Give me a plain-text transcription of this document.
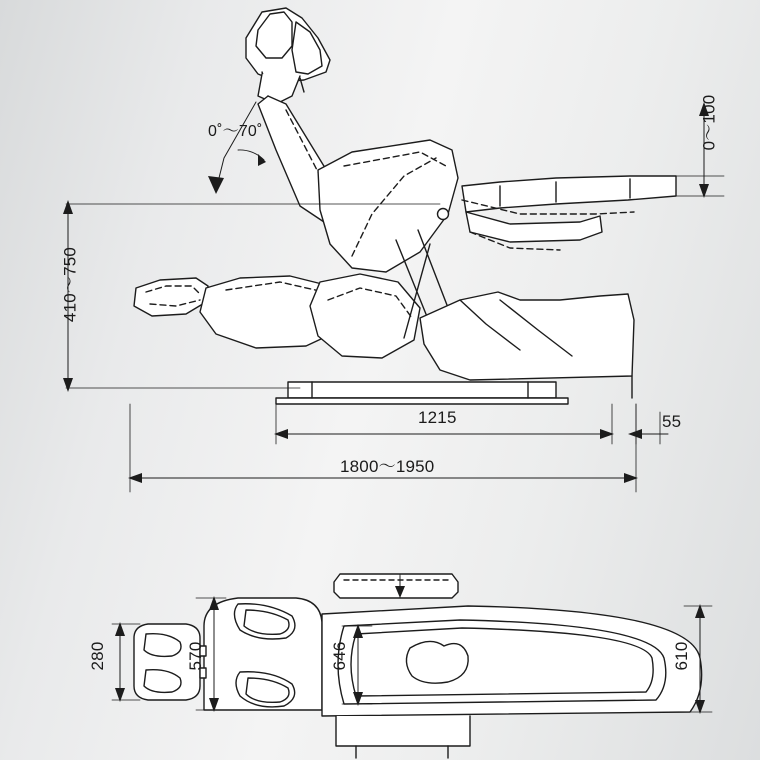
0˚〜70˚	0〜100
410〜750
1215	55
1800〜1950
280	570	646	610
